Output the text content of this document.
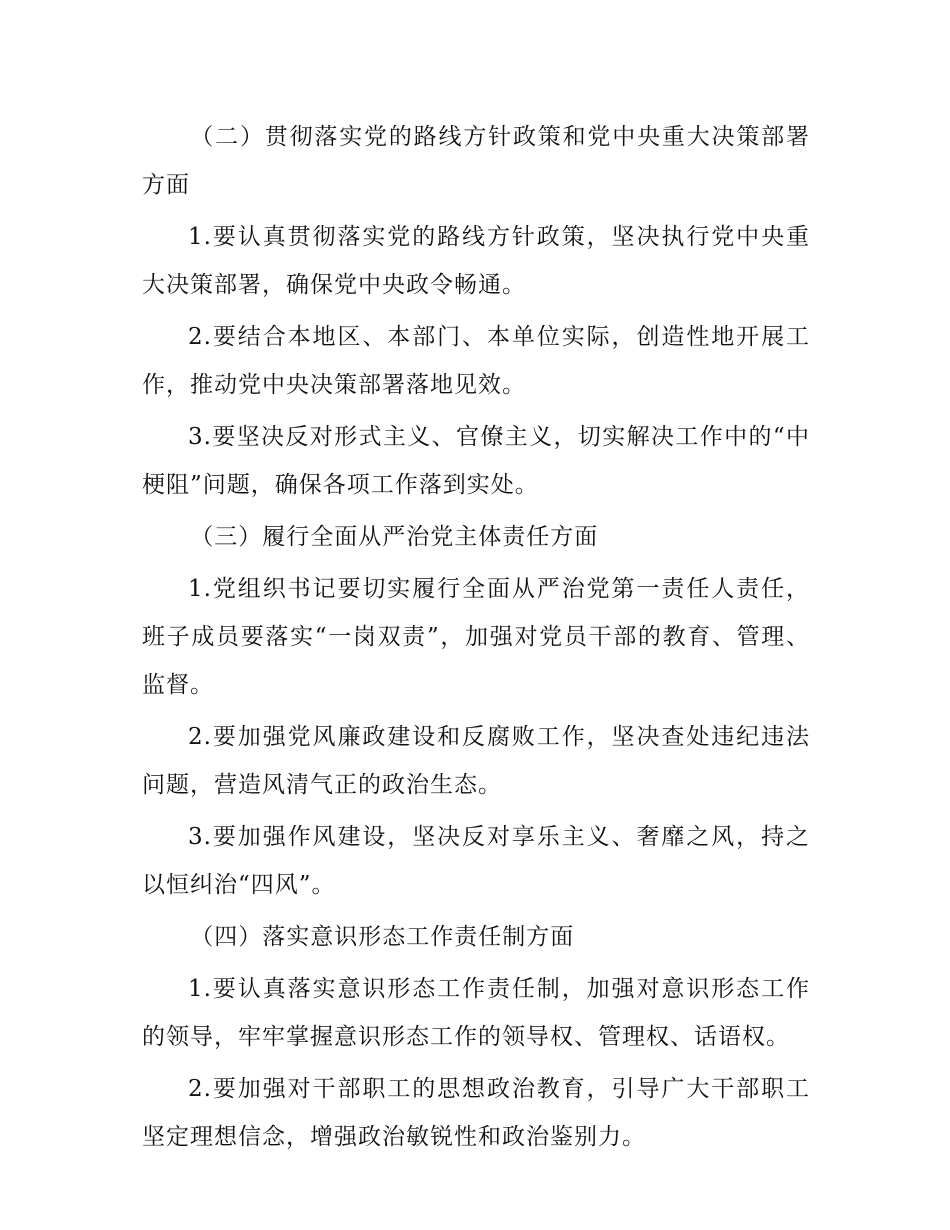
（二）贯彻落实党的路线方针政策和党中央重大决策部署方面

1.要认真贯彻落实党的路线方针政策，坚决执行党中央重大决策部署，确保党中央政令畅通。

2.要结合本地区、本部门、本单位实际，创造性地开展工作，推动党中央决策部署落地见效。

3.要坚决反对形式主义、官僚主义，切实解决工作中的“中梗阻”问题，确保各项工作落到实处。

（三）履行全面从严治党主体责任方面

1.党组织书记要切实履行全面从严治党第一责任人责任，班子成员要落实“一岗双责”，加强对党员干部的教育、管理、监督。

2.要加强党风廉政建设和反腐败工作，坚决查处违纪违法问题，营造风清气正的政治生态。

3.要加强作风建设，坚决反对享乐主义、奢靡之风，持之以恒纠治“四风”。

（四）落实意识形态工作责任制方面

1.要认真落实意识形态工作责任制，加强对意识形态工作的领导，牢牢掌握意识形态工作的领导权、管理权、话语权。

2.要加强对干部职工的思想政治教育，引导广大干部职工坚定理想信念，增强政治敏锐性和政治鉴别力。
